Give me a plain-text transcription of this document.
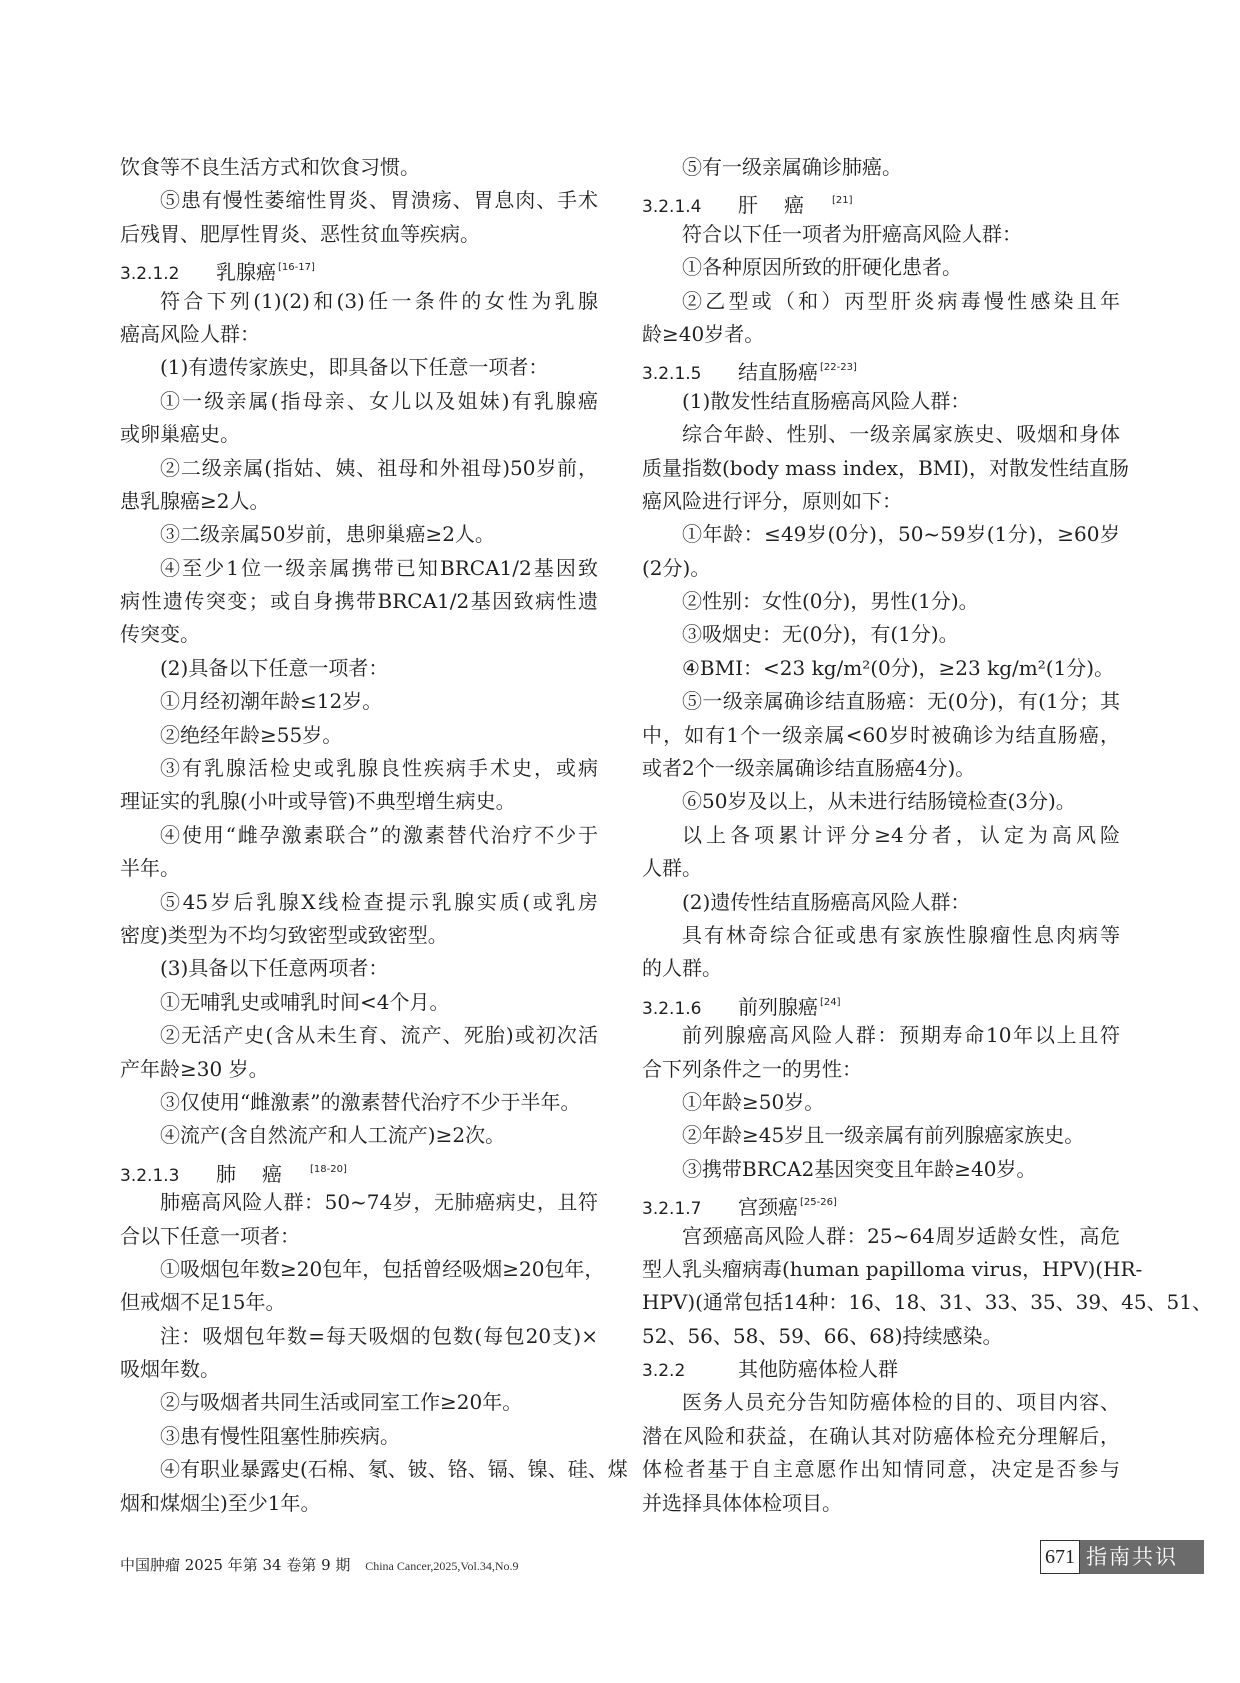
饮食等不良生活方式和饮食习惯。
⑤患有慢性萎缩性胃炎、胃溃疡、胃息肉、手术
后残胃、肥厚性胃炎、恶性贫血等疾病。
3.2.1.2 乳腺癌 [16-17]
符合下列(1)(2)和(3)任一条件的女性为乳腺
癌高风险人群：
(1)有遗传家族史，即具备以下任意一项者：
①一级亲属(指母亲、女儿以及姐妹)有乳腺癌
或卵巢癌史。
②二级亲属(指姑、姨、祖母和外祖母)50岁前，
患乳腺癌≥2人。
③二级亲属50岁前，患卵巢癌≥2人。
④至少1位一级亲属携带已知BRCA1/2基因致
病性遗传突变；或自身携带BRCA1/2基因致病性遗
传突变。
(2)具备以下任意一项者：
①月经初潮年龄≤12岁。
②绝经年龄≥55岁。
③有乳腺活检史或乳腺良性疾病手术史，或病
理证实的乳腺(小叶或导管)不典型增生病史。
④使用“雌孕激素联合”的激素替代治疗不少于
半年。
⑤45岁后乳腺X线检查提示乳腺实质(或乳房
密度)类型为不均匀致密型或致密型。
(3)具备以下任意两项者：
①无哺乳史或哺乳时间<4个月。
②无活产史(含从未生育、流产、死胎)或初次活
产年龄≥30 岁。
③仅使用“雌激素”的激素替代治疗不少于半年。
④流产(含自然流产和人工流产)≥2次。
3.2.1.3 肺癌 [18-20]
肺癌高风险人群：50~74岁，无肺癌病史，且符
合以下任意一项者：
①吸烟包年数≥20包年，包括曾经吸烟≥20包年，
但戒烟不足15年。
注：吸烟包年数=每天吸烟的包数(每包20支)×
吸烟年数。
②与吸烟者共同生活或同室工作≥20年。
③患有慢性阻塞性肺疾病。
④有职业暴露史(石棉、氡、铍、铬、镉、镍、硅、煤
烟和煤烟尘)至少1年。
⑤有一级亲属确诊肺癌。
3.2.1.4 肝癌 [21]
符合以下任一项者为肝癌高风险人群：
①各种原因所致的肝硬化患者。
②乙型或（和）丙型肝炎病毒慢性感染且年
龄≥40岁者。
3.2.1.5 结直肠癌 [22-23]
(1)散发性结直肠癌高风险人群：
综合年龄、性别、一级亲属家族史、吸烟和身体
质量指数(body mass index，BMI)，对散发性结直肠
癌风险进行评分，原则如下：
①年龄：≤49岁(0分)，50~59岁(1分)，≥60岁
(2分)。
②性别：女性(0分)，男性(1分)。
③吸烟史：无(0分)，有(1分)。
④BMI：<23 kg/m²(0分)，≥23 kg/m²(1分)。
⑤一级亲属确诊结直肠癌：无(0分)，有(1分；其
中，如有1个一级亲属<60岁时被确诊为结直肠癌，
或者2个一级亲属确诊结直肠癌4分)。
⑥50岁及以上，从未进行结肠镜检查(3分)。
以上各项累计评分≥4分者，认定为高风险
人群。
(2)遗传性结直肠癌高风险人群：
具有林奇综合征或患有家族性腺瘤性息肉病等
的人群。
3.2.1.6 前列腺癌 [24]
前列腺癌高风险人群：预期寿命10年以上且符
合下列条件之一的男性：
①年龄≥50岁。
②年龄≥45岁且一级亲属有前列腺癌家族史。
③携带BRCA2基因突变且年龄≥40岁。
3.2.1.7 宫颈癌 [25-26]
宫颈癌高风险人群：25~64周岁适龄女性，高危
型人乳头瘤病毒(human papilloma virus，HPV)(HR-
HPV)(通常包括14种：16、18、31、33、35、39、45、51、
52、56、58、59、66、68)持续感染。
3.2.2	其他防癌体检人群
医务人员充分告知防癌体检的目的、项目内容、
潜在风险和获益，在确认其对防癌体检充分理解后，
体检者基于自主意愿作出知情同意，决定是否参与
并选择具体体检项目。
中国肿瘤 2025 年第 34 卷第 9 期 China Cancer,2025,Vol.34,No.9	671 指南共识
